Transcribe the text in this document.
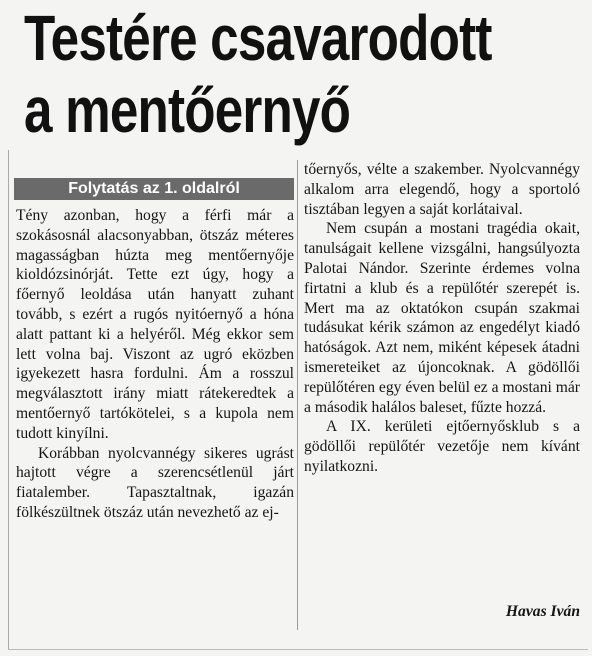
Testére csavarodott
a mentőernyő
Folytatás az 1. oldalról

Tény azonban, hogy a férfi már a szokásosnál alacsonyabban, ötszáz méteres magasságban húzta meg mentőernyője kioldózsinórját. Tette ezt úgy, hogy a főernyő leoldása után hanyatt zuhant tovább, s ezért a rugós nyitóernyő a hóna alatt pattant ki a helyéről. Még ekkor sem lett volna baj. Viszont az ugró eközben igyekezett hasra fordulni. Ám a rosszul megválasztott irány miatt rátekeredtek a mentőernyő tartókötelei, s a kupola nem tudott kinyílni.

Korábban nyolcvannégy sikeres ugrást hajtott végre a szerencsétlenül járt fiatalember. Tapasztaltnak, igazán fölkészültnek ötszáz után nevezhető az ej-

tőernyős, vélte a szakember. Nyolcvannégy alkalom arra elegendő, hogy a sportoló tisztában legyen a saját korlátaival.

Nem csupán a mostani tragédia okait, tanulságait kellene vizsgálni, hangsúlyozta Palotai Nándor. Szerinte érdemes volna firtatni a klub és a repülőtér szerepét is. Mert ma az oktatókon csupán szakmai tudásukat kérik számon az engedélyt kiadó hatóságok. Azt nem, miként képesek átadni ismereteiket az újoncoknak. A gödöllői repülőtéren egy éven belül ez a mostani már a második halálos baleset, fűzte hozzá.

A IX. kerületi ejtőernyősklub s a gödöllői repülőtér vezetője nem kívánt nyilatkozni.

Havas Iván
